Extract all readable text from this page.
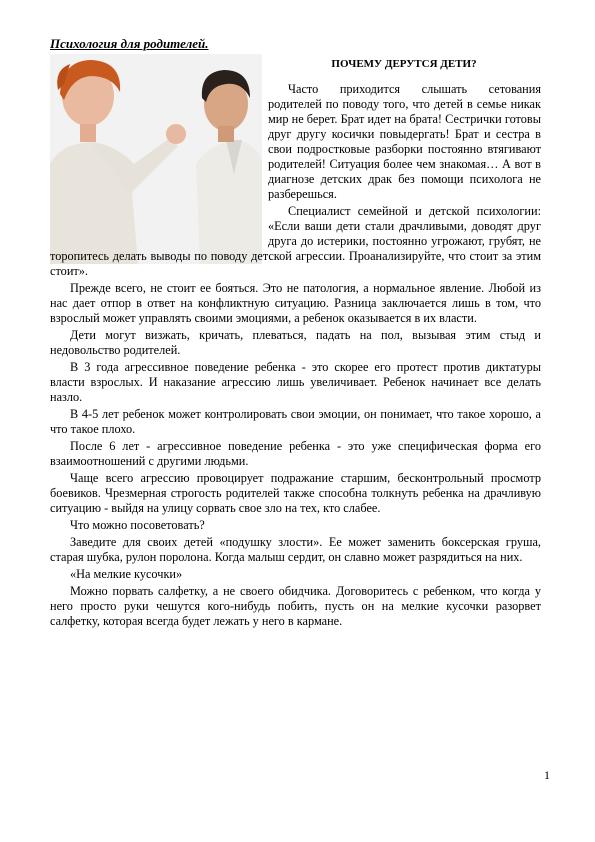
Психология для родителей.
ПОЧЕМУ ДЕРУТСЯ ДЕТИ?

Часто приходится слышать сетования родителей по поводу того, что детей в семье никак мир не берет. Брат идет на брата! Сестрички готовы друг другу косички повыдергать! Брат и сестра в свои подростковые разборки постоянно втягивают родителей! Ситуация более чем знакомая… А вот в диагнозе детских драк без помощи психолога не разберешься.

Специалист семейной и детской психологии: «Если ваши дети стали драчливыми, доводят друг друга до истерики, постоянно угрожают, грубят, не торопитесь делать выводы по поводу детской агрессии. Проанализируйте, что стоит за этим стоит».

Прежде всего, не стоит ее бояться. Это не патология, а нормальное явление. Любой из нас дает отпор в ответ на конфликтную ситуацию. Разница заключается лишь в том, что взрослый может управлять своими эмоциями, а ребенок оказывается в их власти.

Дети могут визжать, кричать, плеваться, падать на пол, вызывая этим стыд и недовольство родителей.

В 3 года агрессивное поведение ребенка - это скорее его протест против диктатуры власти взрослых. И наказание агрессию лишь увеличивает. Ребенок начинает все делать назло.

В 4-5 лет ребенок может контролировать свои эмоции, он понимает, что такое хорошо, а что такое плохо.

После 6 лет - агрессивное поведение ребенка - это уже специфическая форма его взаимоотношений с другими людьми.

Чаще всего агрессию провоцирует подражание старшим, бесконтрольный просмотр боевиков. Чрезмерная строгость родителей также способна толкнуть ребенка на драчливую ситуацию - выйдя на улицу сорвать свое зло на тех, кто слабее.

Что можно посоветовать?

Заведите для своих детей «подушку злости». Ее может заменить боксерская груша, старая шубка, рулон поролона. Когда малыш сердит, он славно может разрядиться на них.

«На мелкие кусочки»

Можно порвать салфетку, а не своего обидчика. Договоритесь с ребенком, что когда у него просто руки чешутся кого-нибудь побить, пусть он на мелкие кусочки разорвет салфетку, которая всегда будет лежать у него в кармане.

1
